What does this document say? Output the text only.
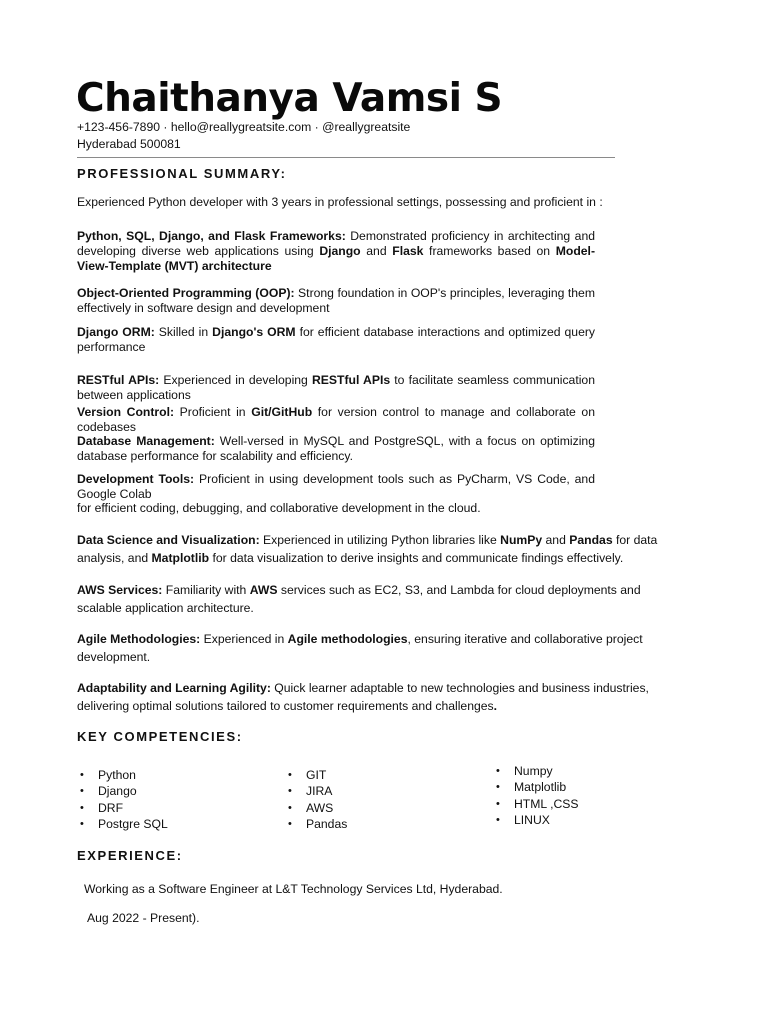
Chaithanya Vamsi S
+123-456-7890 · hello@reallygreatsite.com · @reallygreatsite
Hyderabad 500081
PROFESSIONAL SUMMARY:

Experienced Python developer with 3 years in professional settings, possessing and proficient in :

Python, SQL, Django, and Flask Frameworks: Demonstrated proficiency in architecting and developing diverse web applications using Django and Flask frameworks based on Model-View-Template (MVT) architecture

Object-Oriented Programming (OOP): Strong foundation in OOP's principles, leveraging them effectively in software design and development

Django ORM: Skilled in Django's ORM for efficient database interactions and optimized query performance

RESTful APIs: Experienced in developing RESTful APIs to facilitate seamless communication between applications

Version Control: Proficient in Git/GitHub for version control to manage and collaborate on codebases

Database Management: Well-versed in MySQL and PostgreSQL, with a focus on optimizing database performance for scalability and efficiency.

Development Tools: Proficient in using development tools such as PyCharm, VS Code, and Google Colab

for efficient coding, debugging, and collaborative development in the cloud.

Data Science and Visualization: Experienced in utilizing Python libraries like NumPy and Pandas for data analysis, and Matplotlib for data visualization to derive insights and communicate findings effectively.

AWS Services: Familiarity with AWS services such as EC2, S3, and Lambda for cloud deployments and scalable application architecture.

Agile Methodologies: Experienced in Agile methodologies, ensuring iterative and collaborative project development.

Adaptability and Learning Agility: Quick learner adaptable to new technologies and business industries, delivering optimal solutions tailored to customer requirements and challenges.

KEY COMPETENCIES:
• Python
• Django
• DRF
• Postgre SQL
• GIT
• JIRA
• AWS
• Pandas
• Numpy
• Matplotlib
• HTML ,CSS
• LINUX
EXPERIENCE:

Working as a Software Engineer at L&T Technology Services Ltd, Hyderabad.

Aug 2022 - Present).
